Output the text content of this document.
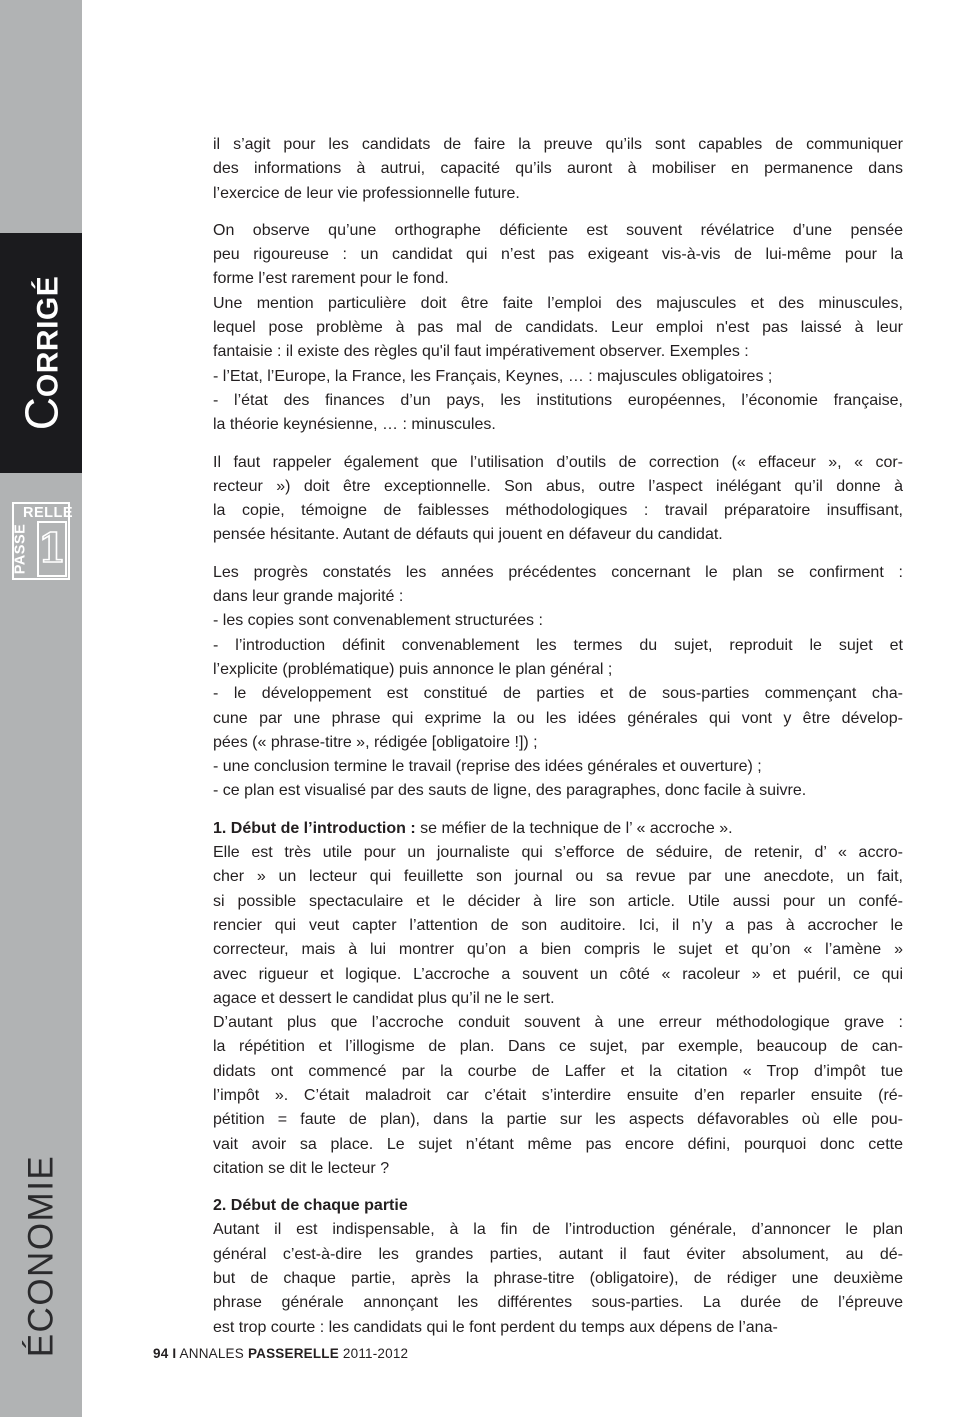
C
ORRIGÉ
RELLE
PASSE 1
ÉCONOMIE
il s’agit pour les candidats de faire la preuve qu’ils sont capables de communiquer
des informations à autrui, capacité qu’ils auront à mobiliser en permanence dans
l’exercice de leur vie professionnelle future.
On observe qu’une orthographe déficiente est souvent révélatrice d’une pensée
peu rigoureuse : un candidat qui n’est pas exigeant vis-à-vis de lui-même pour la
forme l’est rarement pour le fond.
Une mention particulière doit être faite l’emploi des majuscules et des minuscules,
lequel pose problème à pas mal de candidats. Leur emploi n'est pas laissé à leur
fantaisie : il existe des règles qu'il faut impérativement observer. Exemples :
- l’Etat, l’Europe, la France, les Français, Keynes, … : majuscules obligatoires ;
- l’état des finances d’un pays, les institutions européennes, l’économie française,
la théorie keynésienne, … : minuscules.
Il faut rappeler également que l’utilisation d’outils de correction (« effaceur », « cor-
recteur ») doit être exceptionnelle. Son abus, outre l’aspect inélégant qu’il donne à
la copie, témoigne de faiblesses méthodologiques : travail préparatoire insuffisant,
pensée hésitante. Autant de défauts qui jouent en défaveur du candidat.
Les progrès constatés les années précédentes concernant le plan se confirment :
dans leur grande majorité :
- les copies sont convenablement structurées :
- l’introduction définit convenablement les termes du sujet, reproduit le sujet et
l’explicite (problématique) puis annonce le plan général ;
- le développement est constitué de parties et de sous-parties commençant cha-
cune par une phrase qui exprime la ou les idées générales qui vont y être dévelop-
pées (« phrase-titre », rédigée [obligatoire !]) ;
- une conclusion termine le travail (reprise des idées générales et ouverture) ;
- ce plan est visualisé par des sauts de ligne, des paragraphes, donc facile à suivre.
1. Début de l’introduction : se méfier de la technique de l’ « accroche ».
Elle est très utile pour un journaliste qui s’efforce de séduire, de retenir, d’ « accro-
cher » un lecteur qui feuillette son journal ou sa revue par une anecdote, un fait,
si possible spectaculaire et le décider à lire son article. Utile aussi pour un confé-
rencier qui veut capter l’attention de son auditoire. Ici, il n’y a pas à accrocher le
correcteur, mais à lui montrer qu’on a bien compris le sujet et qu’on « l’amène »
avec rigueur et logique. L’accroche a souvent un côté « racoleur » et puéril, ce qui
agace et dessert le candidat plus qu’il ne le sert.
D’autant plus que l’accroche conduit souvent à une erreur méthodologique grave :
la répétition et l’illogisme de plan. Dans ce sujet, par exemple, beaucoup de can-
didats ont commencé par la courbe de Laffer et la citation « Trop d’impôt tue
l’impôt ». C’était maladroit car c’était s’interdire ensuite d’en reparler ensuite (ré-
pétition = faute de plan), dans la partie sur les aspects défavorables où elle pou-
vait avoir sa place. Le sujet n’étant même pas encore défini, pourquoi donc cette
citation se dit le lecteur ?
2. Début de chaque partie
Autant il est indispensable, à la fin de l’introduction générale, d’annoncer le plan
général c’est-à-dire les grandes parties, autant il faut éviter absolument, au dé-
but de chaque partie, après la phrase-titre (obligatoire), de rédiger une deuxième
phrase générale annonçant les différentes sous-parties. La durée de l’épreuve
est trop courte : les candidats qui le font perdent du temps aux dépens de l’ana-
94 I ANNALES PASSERELLE 2011-2012
